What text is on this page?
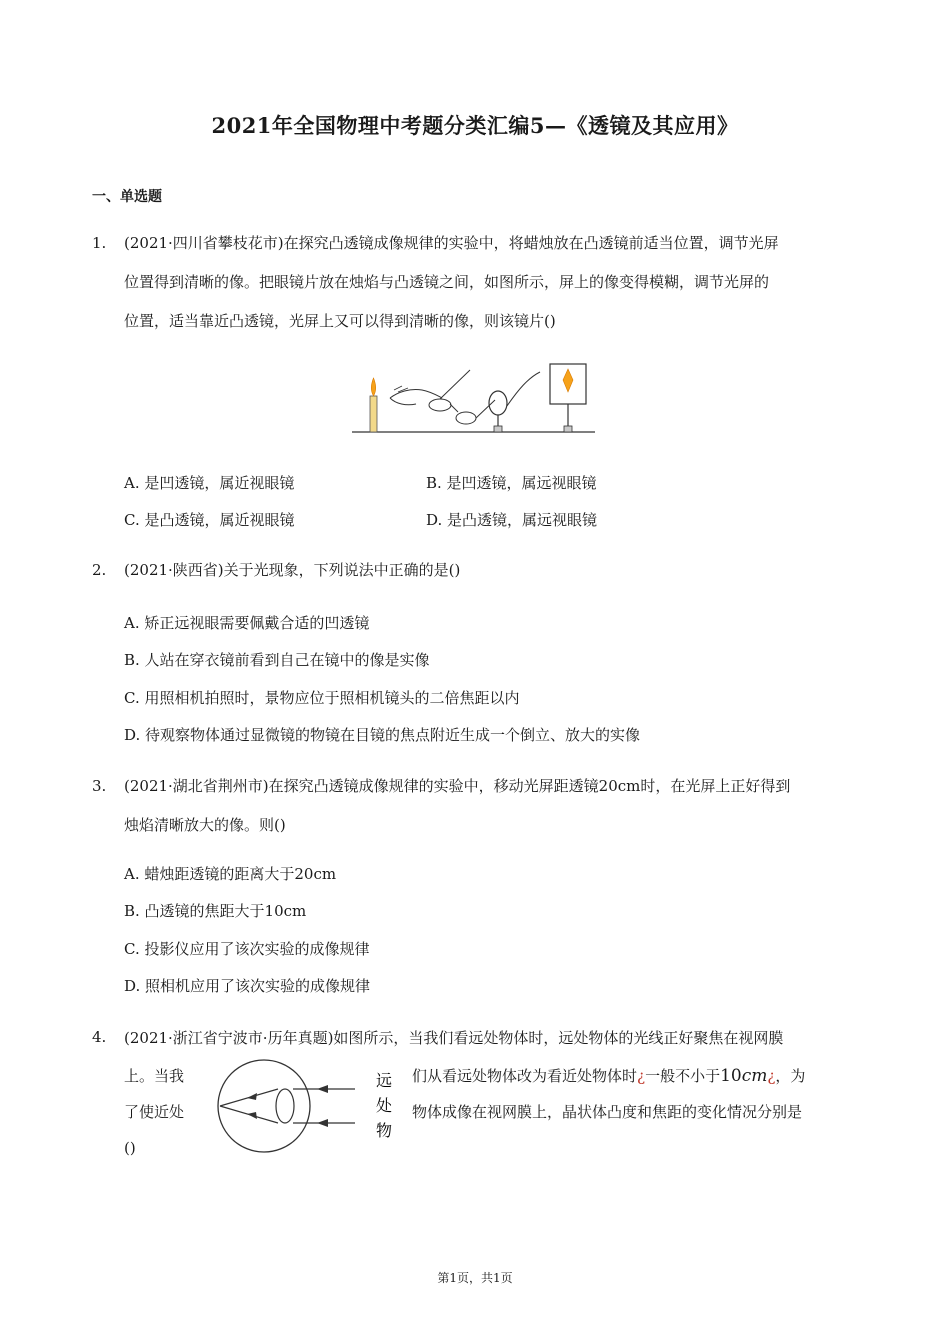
2021年全国物理中考题分类汇编5—《透镜及其应用》
一、单选题
1. (2021·四川省攀枝花市)在探究凸透镜成像规律的实验中，将蜡烛放在凸透镜前适当位置，调节光屏
位置得到清晰的像。把眼镜片放在烛焰与凸透镜之间，如图所示，屏上的像变得模糊，调节光屏的
位置，适当靠近凸透镜，光屏上又可以得到清晰的像，则该镜片()
A. 是凹透镜，属近视眼镜	B. 是凹透镜，属远视眼镜
C. 是凸透镜，属近视眼镜	D. 是凸透镜，属远视眼镜
2. (2021·陕西省)关于光现象，下列说法中正确的是()
A. 矫正远视眼需要佩戴合适的凹透镜
B. 人站在穿衣镜前看到自己在镜中的像是实像
C. 用照相机拍照时，景物应位于照相机镜头的二倍焦距以内
D. 待观察物体通过显微镜的物镜在目镜的焦点附近生成一个倒立、放大的实像
3. (2021·湖北省荆州市)在探究凸透镜成像规律的实验中，移动光屏距透镜20cm时，在光屏上正好得到
烛焰清晰放大的像。则()
A. 蜡烛距透镜的距离大于20cm
B. 凸透镜的焦距大于10cm
C. 投影仪应用了该次实验的成像规律
D. 照相机应用了该次实验的成像规律
4. (2021·浙江省宁波市·历年真题)如图所示，当我们看远处物体时，远处物体的光线正好聚焦在视网膜
上。当我
了使近处
()
们从看远处物体改为看近处物体时¿一般不小于10cm¿，为
物体成像在视网膜上，晶状体凸度和焦距的变化情况分别是
远
处
物
第1页，共1页
